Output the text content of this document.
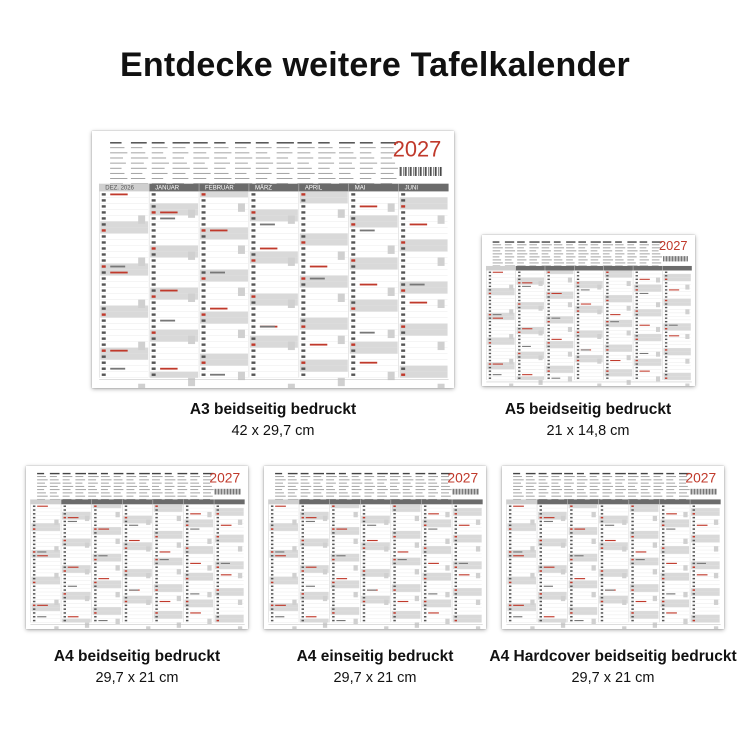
Entdecke weitere Tafelkalender
2027
DEZ. 2026	JANUAR	FEBRUAR	MÄRZ	APRIL	MAI	JUNI
A3 beidseitig bedruckt
42 x 29,7 cm
2027
A5 beidseitig bedruckt
21 x 14,8 cm
2027
A4 beidseitig bedruckt
29,7 x 21 cm
2027
A4 einseitig bedruckt
29,7 x 21 cm
2027
A4 Hardcover beidseitig bedruckt
29,7 x 21 cm
